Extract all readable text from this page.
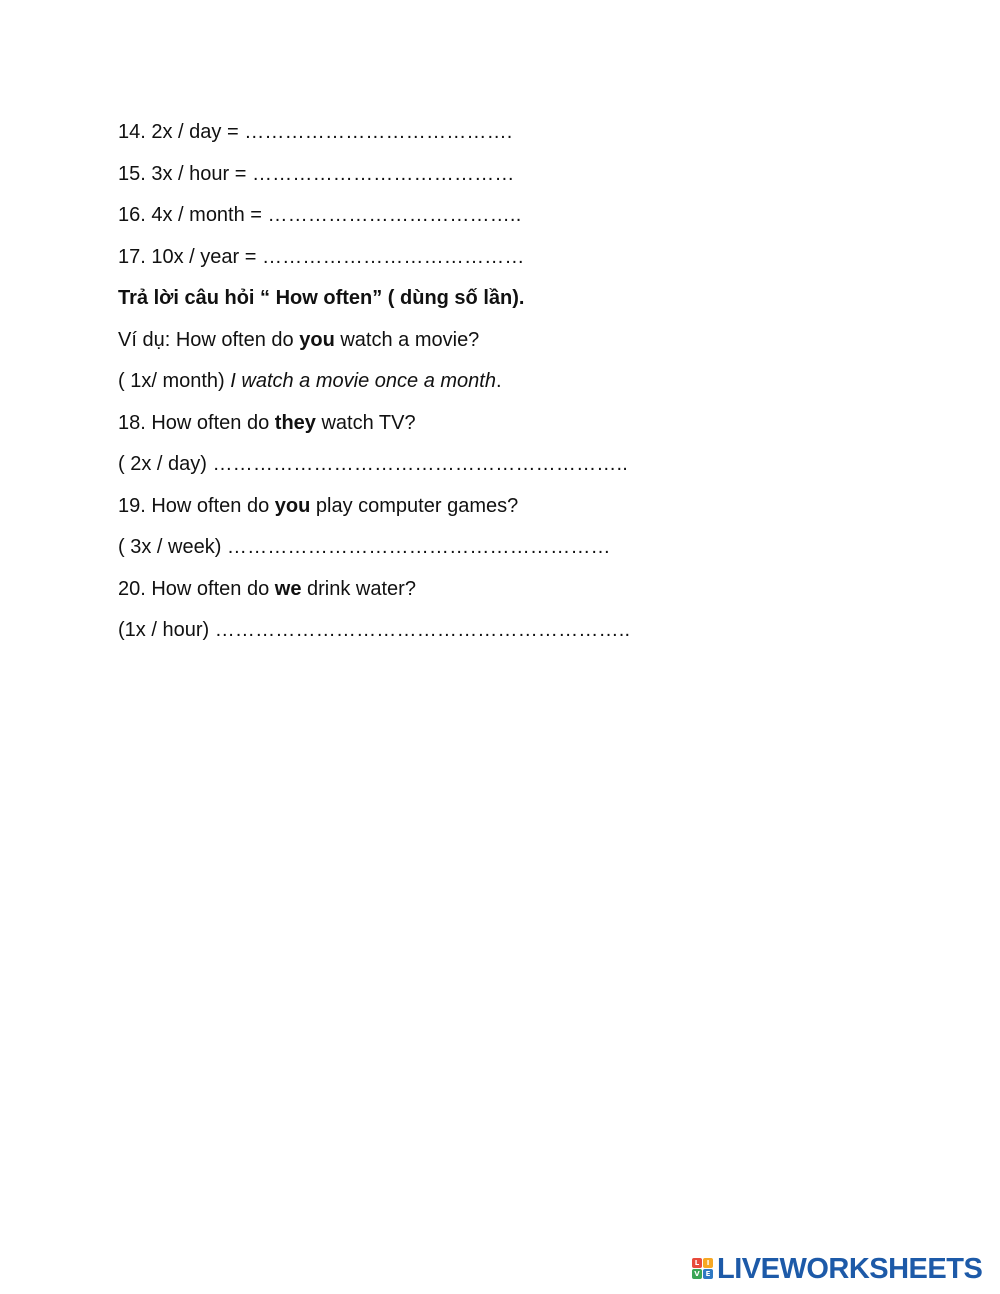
14. 2x / day = ………………………………….
15. 3x / hour = …………………………………
16. 4x / month = ………………………………..
17. 10x / year = …………………………………
Trả lời câu hỏi “ How often” ( dùng số lần).
Ví dụ: How often do you watch a movie?
( 1x/ month) I watch a movie once a month.
18. How often do they watch TV?
( 2x / day) ……………………………………………………..
19. How often do you play computer games?
( 3x / week) …………………………………………………
20. How often do we drink water?
(1x / hour) ……………………………………………………..
L	I
V E LIVEWORKSHEETS
